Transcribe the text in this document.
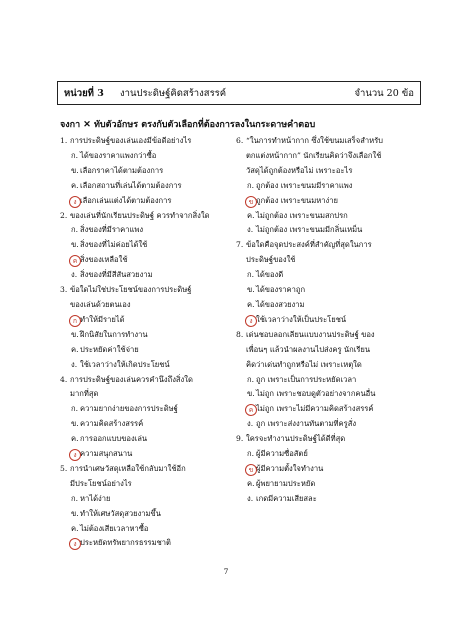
หน่วยที่ 3 งานประดิษฐ์คิดสร้างสรรค์	จำนวน 20 ข้อ
จงกา ✕ ทับตัวอักษร ตรงกับตัวเลือกที่ต้องการลงในกระดาษคำตอบ
1. การประดิษฐ์ของเล่นเองมีข้อดีอย่างไร
ก. ได้ของราคาแพงกว่าซื้อ
ข. เลือกราคาได้ตามต้องการ
ค. เลือกสถานที่เล่นได้ตามต้องการ
ง เลือกเล่นแต่งได้ตามต้องการ
2. ของเล่นที่นักเรียนประดิษฐ์ ควรทำจากสิ่งใด
ก. สิ่งของที่มีราคาแพง
ข. สิ่งของที่ไม่ค่อยได้ใช้
ค สิ่งของเหลือใช้
ง. สิ่งของที่มีสีสันสวยงาม
3. ข้อใดไม่ใช่ประโยชน์ของการประดิษฐ์
ของเล่นด้วยตนเอง
ก ทำให้มีรายได้
ข. ฝึกนิสัยในการทำงาน
ค. ประหยัดค่าใช้จ่าย
ง. ใช้เวลาว่างให้เกิดประโยชน์
4. การประดิษฐ์ของเล่นควรคำนึงถึงสิ่งใด
มากที่สุด
ก. ความยากง่ายของการประดิษฐ์
ข. ความคิดสร้างสรรค์
ค. การออกแบบของเล่น
ง ความสนุกสนาน
5. การนำเศษวัสดุเหลือใช้กลับมาใช้อีก
มีประโยชน์อย่างไร
ก. หาได้ง่าย
ข. ทำให้เศษวัสดุสวยงามขึ้น
ค. ไม่ต้องเสียเวลาหาซื้อ
ง ประหยัดทรัพยากรธรรมชาติ
6. “ในการทำหน้ากาก ซึ่งใช้ขนมเสร็จสำหรับ
ตกแต่งหน้ากาก” นักเรียนคิดว่าจึงเลือกใช้
วัสดุได้ถูกต้องหรือไม่ เพราะอะไร
ก. ถูกต้อง เพราะขนมมีราคาแพง
ข ถูกต้อง เพราะขนมหาง่าย
ค. ไม่ถูกต้อง เพราะขนมสกปรก
ง. ไม่ถูกต้อง เพราะขนมมีกลิ่นเหม็น
7. ข้อใดคือจุดประสงค์ที่สำคัญที่สุดในการ
ประดิษฐ์ของใช้
ก. ได้ของดี
ข. ได้ของราคาถูก
ค. ได้ของสวยงาม
ง ใช้เวลาว่างให้เป็นประโยชน์
8. เด่นชอบลอกเลียนแบบงานประดิษฐ์ ของ
เพื่อนๆ แล้วนำผลงานไปส่งครู นักเรียน
คิดว่าเด่นทำถูกหรือไม่ เพราะเหตุใด
ก. ถูก เพราะเป็นการประหยัดเวลา
ข. ไม่ถูก เพราะชอบดูตัวอย่างจากคนอื่น
ค ไม่ถูก เพราะไม่มีความคิดสร้างสรรค์
ง. ถูก เพราะส่งงานทันตามที่ครูสั่ง
9. ใครจะทำงานประดิษฐ์ได้ดีที่สุด
ก. ผู้มีความซื่อสัตย์
ข ผู้มีความตั้งใจทำงาน
ค. ผู้พยายามประหยัด
ง. เกดมีความเสียสละ
7
